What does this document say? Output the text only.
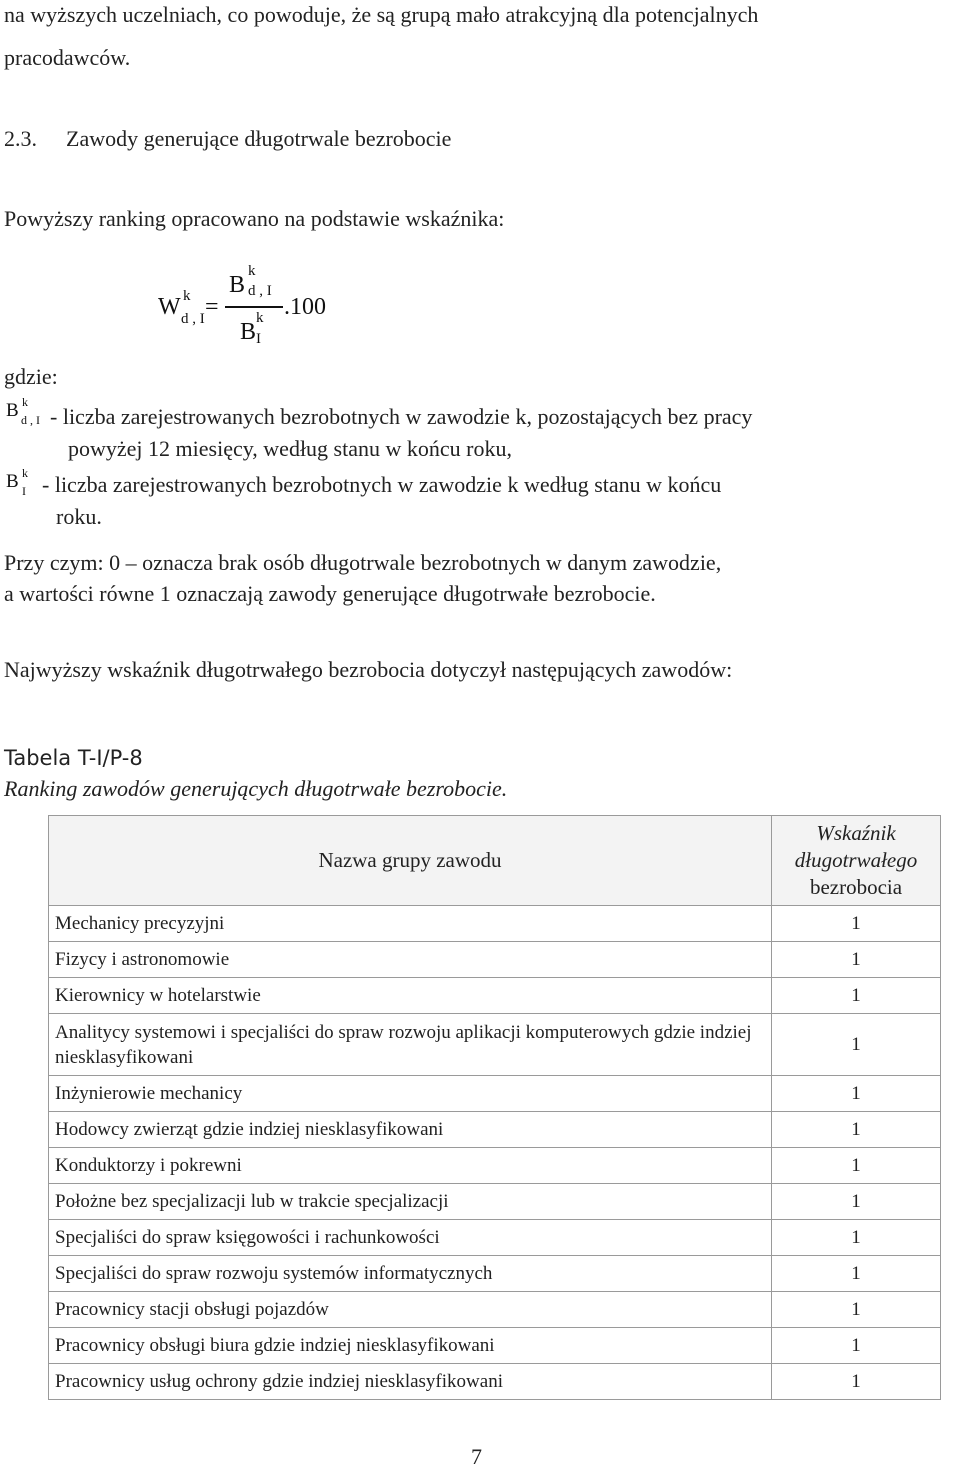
na wyższych uczelniach, co powoduje, że są grupą mało atrakcyjną dla potencjalnych
pracodawców.
2.3. Zawody generujące długotrwale bezrobocie
Powyższy ranking opracowano na podstawie wskaźnika:
W k
d , I =
B
k
d , I
B
k
I
.100
gdzie:
B k
d , I - liczba zarejestrowanych bezrobotnych w zawodzie k, pozostających bez pracy
powyżej 12 miesięcy, według stanu w końcu roku,
B k
I - liczba zarejestrowanych bezrobotnych w zawodzie k według stanu w końcu
roku.
Przy czym: 0 – oznacza brak osób długotrwale bezrobotnych w danym zawodzie,
a wartości równe 1 oznaczają zawody generujące długotrwałe bezrobocie.
Najwyższy wskaźnik długotrwałego bezrobocia dotyczył następujących zawodów:
Tabela T-I/P-8
Ranking zawodów generujących długotrwałe bezrobocie.
Nazwa grupy zawodu	Wskaźnik
długotrwałego
bezrobocia
Mechanicy precyzyjni	1
Fizycy i astronomowie	1
Kierownicy w hotelarstwie	1
Analitycy systemowi i specjaliści do spraw rozwoju aplikacji komputerowych gdzie indziej niesklasyfikowani	1
Inżynierowie mechanicy	1
Hodowcy zwierząt gdzie indziej niesklasyfikowani	1
Konduktorzy i pokrewni	1
Położne bez specjalizacji lub w trakcie specjalizacji	1
Specjaliści do spraw księgowości i rachunkowości	1
Specjaliści do spraw rozwoju systemów informatycznych	1
Pracownicy stacji obsługi pojazdów	1
Pracownicy obsługi biura gdzie indziej niesklasyfikowani	1
Pracownicy usług ochrony gdzie indziej niesklasyfikowani	1
7
